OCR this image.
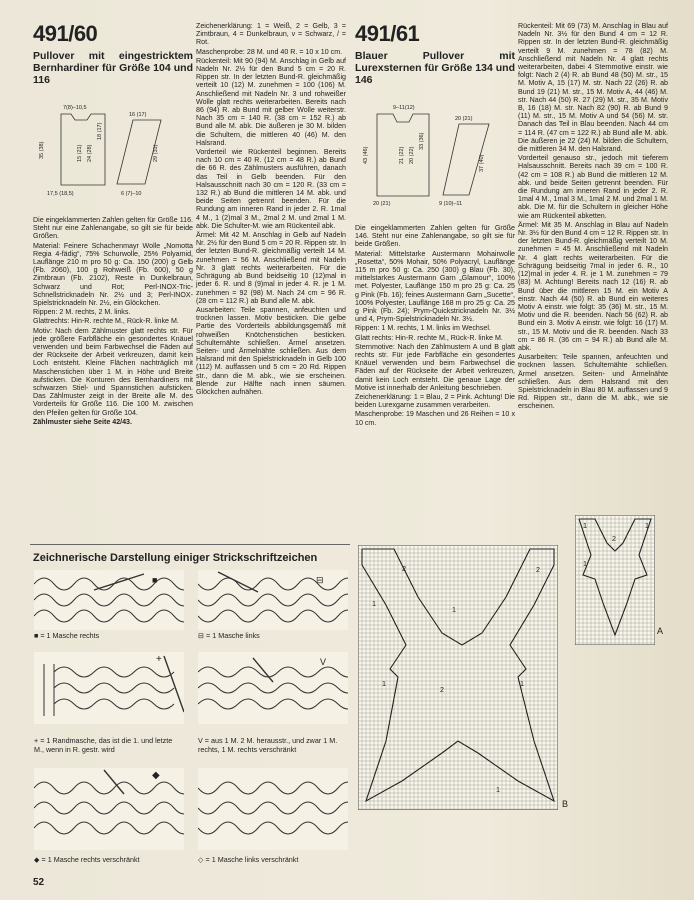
491/60
Pullover mit eingestricktem Bernhardiner für Größe 104 und 116
7(8)–10,5
16 (17)
35 (38)	15 (21) 24 (28)
18 (17)
29 (31)
17,5 (18,5)	6 (7)–10

Die eingeklammerten Zahlen gelten für Größe 116. Steht nur eine Zahlenangabe, so gilt sie für beide Größen.

Material: Feinere Schachenmayr Wolle „Nomotta Regia 4-fädig“, 75% Schurwolle, 25% Polyamid, Lauflänge 210 m pro 50 g: Ca. 150 (200) g Gelb (Fb. 2060), 100 g Rohweiß (Fb. 600), 50 g Zimtbraun (Fb. 2102), Reste in Dunkelbraun, Schwarz und Rot; Perl-INOX-Tric-Schnellstricknadeln Nr. 2½ und 3; Perl-INOX-Spielstricknadeln Nr. 2½, ein Glöckchen.

Rippen: 2 M. rechts, 2 M. links.

Glattrechts: Hin-R. rechte M., Rück-R. linke M.

Motiv: Nach dem Zählmuster glatt rechts str. Für jede größere Farbfläche ein gesondertes Knäuel verwenden und beim Farbwechsel die Fäden auf der Rückseite der Arbeit verkreuzen, damit kein Loch entsteht. Kleine Flächen nachträglich mit Maschenstichen über 1 M. in Höhe und Breite aufsticken. Die Konturen des Bernhardiners mit schwarzen Stiel- und Spannstichen aufsticken. Das Zählmuster zeigt in der Breite alle M. des Vorderteils für Größe 116. Die 100 M. zwischen den Pfeilen gelten für Größe 104.

Zählmuster siehe Seite 42/43.

Zeichenerklärung: 1 = Weiß, 2 = Gelb, 3 = Zimtbraun, 4 = Dunkelbraun, v = Schwarz, / = Rot.

Maschenprobe: 28 M. und 40 R. = 10 x 10 cm.

Rückenteil: Mit 90 (94) M. Anschlag in Gelb auf Nadeln Nr. 2½ für den Bund 5 cm = 20 R. Rippen str. In der letzten Bund-R. gleichmäßig verteilt 10 (12) M. zunehmen = 100 (106) M. Anschließend mit Nadeln Nr. 3 und rohweißer Wolle glatt rechts weiterarbeiten. Bereits nach 86 (94) R. ab Bund mit gelber Wolle weiterstr. Nach 35 cm = 140 R. (38 cm = 152 R.) ab Bund alle M. abk. Die äußeren je 30 M. bilden die Schultern, die mittleren 40 (46) M. den Halsrand.

Vorderteil wie Rückenteil beginnen. Bereits nach 10 cm = 40 R. (12 cm = 48 R.) ab Bund die 66 R. des Zählmusters ausführen, danach das Teil in Gelb beenden. Für den Halsausschnitt nach 30 cm = 120 R. (33 cm = 132 R.) ab Bund die mittleren 14 M. abk. und beide Seiten getrennt beenden. Für die Rundung am inneren Rand in jeder 2. R. 1mal 4 M., 1 (2)mal 3 M., 2mal 2 M. und 2mal 1 M. abk. Die Schulter-M. wie am Rückenteil abk.

Ärmel: Mit 42 M. Anschlag in Gelb auf Nadeln Nr. 2½ für den Bund 5 cm = 20 R. Rippen str. In der letzten Bund-R. gleichmäßig verteilt 14 M. zunehmen = 56 M. Anschließend mit Nadeln Nr. 3 glatt rechts weiterarbeiten. Für die Schrägung ab Bund beidseitig 10 (12)mal in jeder 6. R. und 8 (9)mal in jeder 4. R. je 1 M. zunehmen = 92 (98) M. Nach 24 cm = 96 R. (28 cm = 112 R.) ab Bund alle M. abk.

Ausarbeiten: Teile spannen, anfeuchten und trocknen lassen. Motiv besticken. Die gelbe Partie des Vorderteils abbildungsgemäß mit rohweißen Knötchenstichen besticken. Schulternähte schließen. Ärmel ansetzen. Seiten- und Ärmelnähte schließen. Aus dem Halsrand mit den Spielstricknadeln in Gelb 100 (112) M. auffassen und 5 cm = 20 Rd. Rippen str., dann die M. abk., wie sie erscheinen. Blende zur Hälfte nach innen säumen. Glöckchen aufnähen.

491/61
Blauer Pullover mit Lurexsternen für Größe 134 und 146
9–11(12)
20 (21)
43 (46)	21 (22) 20 (22)
33 (36)
37 (40)
20 (21)	9 (10)–11

Die eingeklammerten Zahlen gelten für Größe 146. Steht nur eine Zahlenangabe, so gilt sie für beide Größen.

Material: Mittelstarke Austermann Mohairwolle „Rosetta“, 50% Mohair, 50% Polyacryl, Lauflänge 115 m pro 50 g: Ca. 250 (300) g Blau (Fb. 30), mittelstarkes Austermann Garn „Glamour“, 100% met. Polyester, Lauflänge 150 m pro 25 g: Ca. 25 g Pink (Fb. 16); feines Austermann Garn „Sucette“, 100% Polyester, Lauflänge 168 m pro 25 g: Ca. 25 g Pink (Fb. 24); Prym-Quickstricknadeln Nr. 3½ und 4, Prym-Spielstricknadeln Nr. 3½.

Rippen: 1 M. rechts, 1 M. links im Wechsel.

Glatt rechts: Hin-R. rechte M., Rück-R. linke M.

Sternmotive: Nach den Zählmustern A und B glatt rechts str. Für jede Farbfläche ein gesondertes Knäuel verwenden und beim Farbwechsel die Fäden auf der Rückseite der Arbeit verkreuzen, damit kein Loch entsteht. Die genaue Lage der Motive ist innerhalb der Anleitung beschrieben.

Zeichenerklärung: 1 = Blau, 2 = Pink. Achtung! Die beiden Lurexgarne zusammen verarbeiten.

Maschenprobe: 19 Maschen und 26 Reihen = 10 x 10 cm.

Rückenteil: Mit 69 (73) M. Anschlag in Blau auf Nadeln Nr. 3½ für den Bund 4 cm = 12 R. Rippen str. In der letzten Bund-R. gleichmäßig verteilt 9 M. zunehmen = 78 (82) M. Anschließend mit Nadeln Nr. 4 glatt rechts weiterarbeiten, dabei 4 Sternmotive einstr. wie folgt: Nach 2 (4) R. ab Bund 48 (50) M. str., 15 M. Motiv A, 15 (17) M. str. Nach 22 (26) R. ab Bund 19 (21) M. str., 15 M. Motiv A, 44 (46) M. str. Nach 44 (50) R. 27 (29) M. str., 35 M. Motiv B, 16 (18) M. str. Nach 82 (90) R. ab Bund 9 (11) M. str., 15 M. Motiv A und 54 (56) M. str. Danach das Teil in Blau beenden. Nach 44 cm = 114 R. (47 cm = 122 R.) ab Bund alle M. abk. Die äußeren je 22 (24) M. bilden die Schultern, die mittleren 34 M. den Halsrand.

Vorderteil genauso str., jedoch mit tieferem Halsausschnitt. Bereits nach 39 cm = 100 R. (42 cm = 108 R.) ab Bund die mittleren 12 M. abk. und beide Seiten getrennt beenden. Für die Rundung am inneren Rand in jeder 2. R. 1mal 4 M., 1mal 3 M., 1mal 2 M. und 2mal 1 M. abk. Die M. für die Schultern in gleicher Höhe wie am Rückenteil abketten.

Ärmel: Mit 35 M. Anschlag in Blau auf Nadeln Nr. 3½ für den Bund 4 cm = 12 R. Rippen str. In der letzten Bund-R. gleichmäßig verteilt 10 M. zunehmen = 45 M. Anschließend mit Nadeln Nr. 4 glatt rechts weiterarbeiten. Für die Schrägung beidseitig 7mal in jeder 6. R., 10 (12)mal in jeder 4. R. je 1 M. zunehmen = 79 (83) M. Achtung! Bereits nach 12 (16) R. ab Bund über die mittleren 15 M. ein Motiv A einstr. Nach 44 (50) R. ab Bund ein weiteres Motiv A einstr. wie folgt: 35 (36) M. str., 15 M. Motiv und die R. beenden. Nach 56 (62) R. ab Bund ein 3. Motiv A einstr. wie folgt: 16 (17) M. str., 15 M. Motiv und die R. beenden. Nach 33 cm = 86 R. (36 cm = 94 R.) ab Bund alle M. abk.

Ausarbeiten: Teile spannen, anfeuchten und trocknen lassen. Schulternähte schließen. Ärmel ansetzen. Seiten- und Ärmelnähte schließen. Aus dem Halsrand mit den Spielstricknadeln in Blau 80 M. auffassen und 9 Rd. Rippen str., dann die M. abk., wie sie erscheinen.

Zeichnerische Darstellung einiger Strickschriftzeichen
■
■ = 1 Masche rechts
⊟
⊟ = 1 Masche links
+
+ = 1 Randmasche, das ist die 1. und letzte M., wenn in R. gestr. wird
V
V = aus 1 M. 2 M. herausstr., und zwar 1 M. rechts, 1 M. rechts verschränkt
◆
◆ = 1 Masche rechts verschränkt	◇ = 1 Masche links verschränkt
B
1
2
1
2
1	1
2
1
A
1
2
1
1
52
